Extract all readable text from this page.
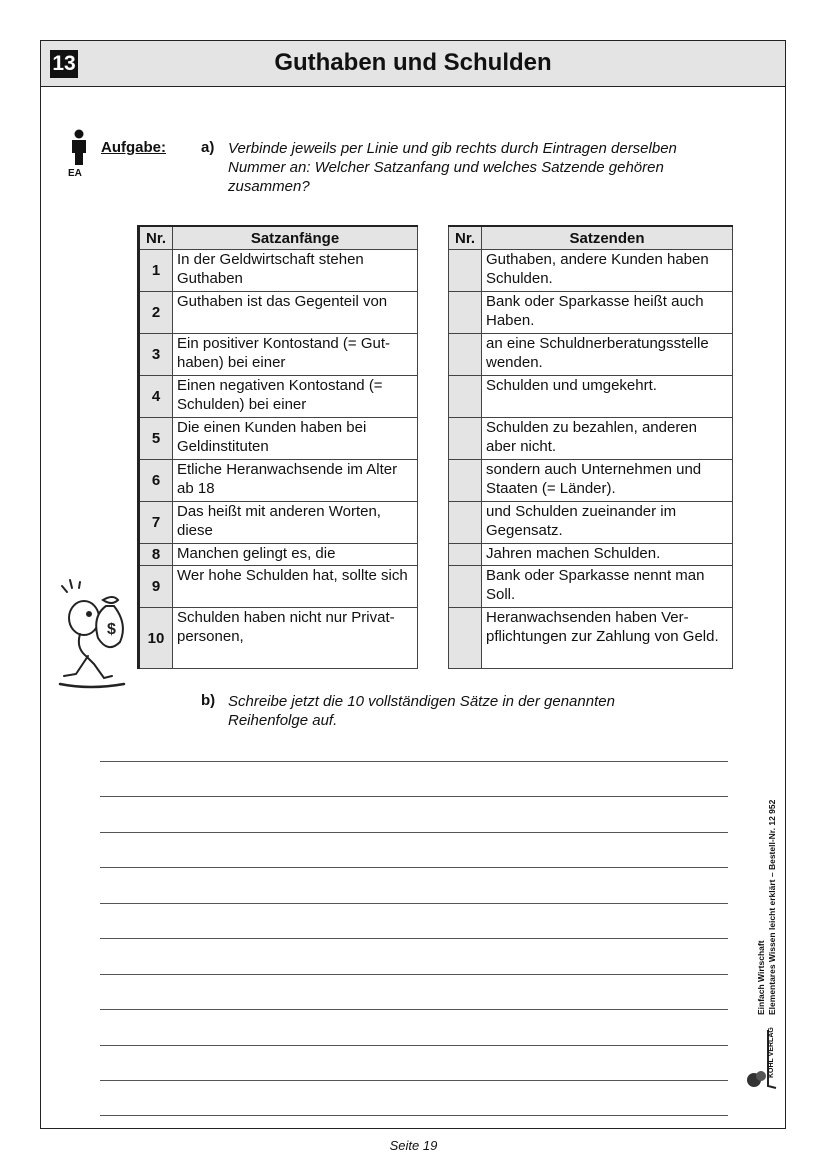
13	Guthaben und Schulden
EA
Aufgabe: a) Verbinde jeweils per Linie und gib rechts durch Eintragen derselben Nummer an: Welcher Satzanfang und welches Satzende gehören zusammen?
Nr.	Satzanfänge
1	In der Geldwirtschaft stehen Guthaben
2	Guthaben ist das Gegenteil von
3	Ein positiver Kontostand (= Gut-haben) bei einer
4	Einen negativen Kontostand (= Schulden) bei einer
5	Die einen Kunden haben bei Geldinstituten
6	Etliche Heranwachsende im Alter ab 18
7	Das heißt mit anderen Worten, diese
8	Manchen gelingt es, die
9	Wer hohe Schulden hat, sollte sich
10	Schulden haben nicht nur Privat-personen,
Nr.	Satzenden
	Guthaben, andere Kunden haben Schulden.
	Bank oder Sparkasse heißt auch Haben.
	an eine Schuldnerberatungsstelle wenden.
	Schulden und umgekehrt.
	Schulden zu bezahlen, anderen aber nicht.
	sondern auch Unternehmen und Staaten (= Länder).
	und Schulden zueinander im Gegensatz.
	Jahren machen Schulden.
	Bank oder Sparkasse nennt man Soll.
	Heranwachsenden haben Ver-pflichtungen zur Zahlung von Geld.
$
b) Schreibe jetzt die 10 vollständigen Sätze in der genannten Reihenfolge auf.
Einfach Wirtschaft Elementares Wissen leicht erklärt – Bestell-Nr. 12 952
KOHL VERLAG
Seite 19
